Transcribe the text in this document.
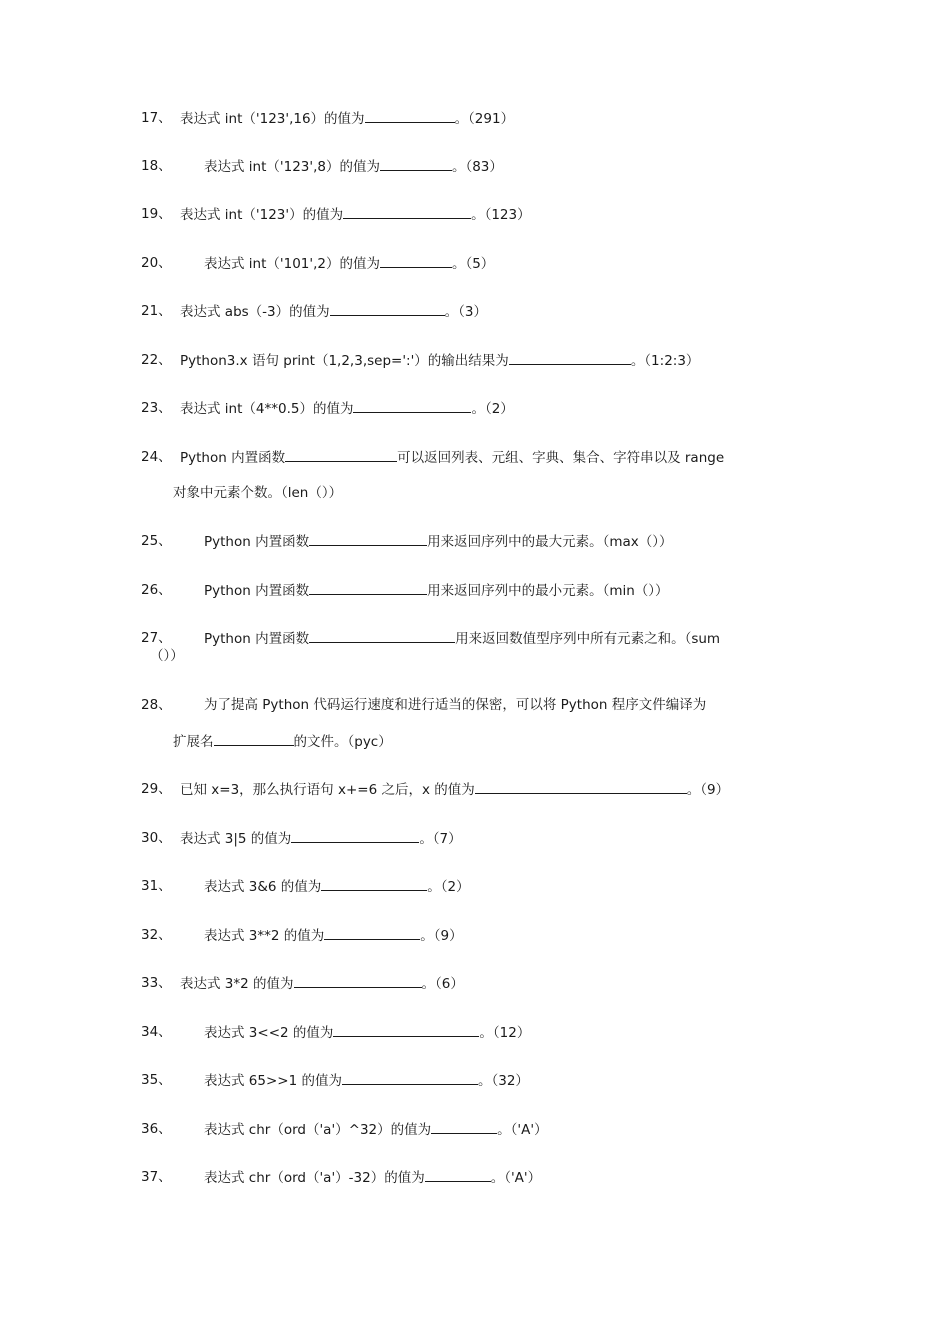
17、 表达式 int（'123',16）的值为	。（291）
18、 表达式 int（'123',8）的值为	。（83）
19、 表达式 int（'123'）的值为	。（123）
20、 表达式 int（'101',2）的值为	。（5）
21、 表达式 abs（-3）的值为	。（3）
22、 Python3.x 语句 print（1,2,3,sep=':'）的输出结果为	。（1:2:3）
23、 表达式 int（4**0.5）的值为	。（2）
24、 Python 内置函数	可以返回列表、元组、字典、集合、字符串以及 range
对象中元素个数。（len（））
25、 Python 内置函数	用来返回序列中的最大元素。（max（））
26、 Python 内置函数	用来返回序列中的最小元素。（min（））
27、 Python 内置函数	用来返回数值型序列中所有元素之和。（sum
（））
28、 为了提高 Python 代码运行速度和进行适当的保密，可以将 Python 程序文件编译为
扩展名	的文件。（pyc）
29、 已知 x=3，那么执行语句 x+=6 之后，x 的值为	。（9）
30、 表达式 3|5 的值为	。（7）
31、 表达式 3&6 的值为	。（2）
32、 表达式 3**2 的值为	。（9）
33、 表达式 3*2 的值为	。（6）
34、 表达式 3<<2 的值为	。（12）
35、 表达式 65>>1 的值为	。（32）
36、 表达式 chr（ord（'a'）^32）的值为	。（'A'）
37、 表达式 chr（ord（'a'）-32）的值为	。（'A'）
